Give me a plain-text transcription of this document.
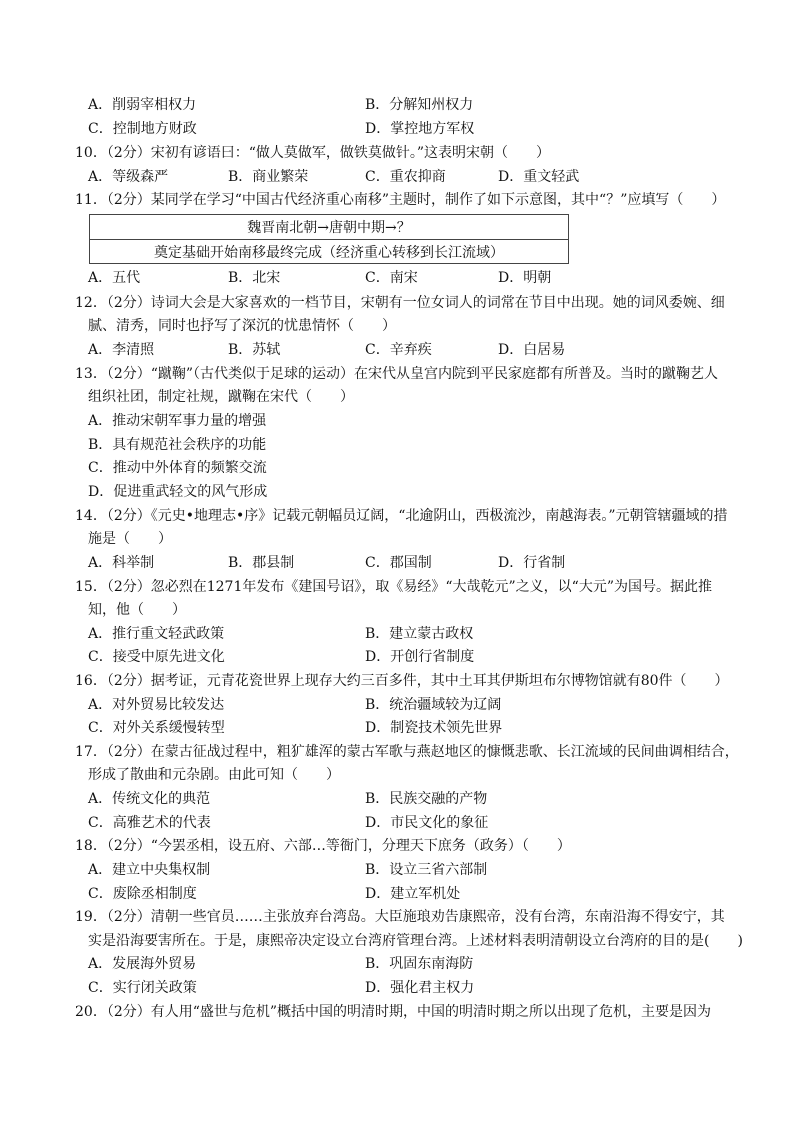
A．削弱宰相权力	B．分解知州权力
C．控制地方财政	D．掌控地方军权
10．（2分）宋初有谚语曰：“做人莫做军，做铁莫做针。”这表明宋朝（　　）
A．等级森严	B．商业繁荣	C．重农抑商	D．重文轻武
11．（2分）某同学在学习“中国古代经济重心南移”主题时，制作了如下示意图，其中“？”应填写（　　）
魏晋南北朝→唐朝中期→？
奠定基础开始南移最终完成（经济重心转移到长江流域）
A．五代	B．北宋	C．南宋	D．明朝
12．（2分）诗词大会是大家喜欢的一档节目，宋朝有一位女词人的词常在节目中出现。她的词风委婉、细
腻、清秀，同时也抒写了深沉的忧患情怀（　　）
A．李清照	B．苏轼	C．辛弃疾	D．白居易
13．（2分）“蹴鞠”（古代类似于足球的运动）在宋代从皇宫内院到平民家庭都有所普及。当时的蹴鞠艺人
组织社团，制定社规，蹴鞠在宋代（　　）
A．推动宋朝军事力量的增强
B．具有规范社会秩序的功能
C．推动中外体育的频繁交流
D．促进重武轻文的风气形成
14．（2分）《元史•地理志•序》记载元朝幅员辽阔，“北逾阴山，西极流沙，南越海表。”元朝管辖疆域的措
施是（　　）
A．科举制	B．郡县制	C．郡国制	D．行省制
15．（2分）忽必烈在1271年发布《建国号诏》，取《易经》“大哉乾元”之义，以“大元”为国号。据此推
知，他（　　）
A．推行重文轻武政策	B．建立蒙古政权
C．接受中原先进文化	D．开创行省制度
16．（2分）据考证，元青花瓷世界上现存大约三百多件，其中土耳其伊斯坦布尔博物馆就有80件（　　）
A．对外贸易比较发达	B．统治疆域较为辽阔
C．对外关系缓慢转型	D．制瓷技术领先世界
17．（2分）在蒙古征战过程中，粗犷雄浑的蒙古军歌与燕赵地区的慷慨悲歌、长江流域的民间曲调相结合，
形成了散曲和元杂剧。由此可知（　　）
A．传统文化的典范	B．民族交融的产物
C．高雅艺术的代表	D．市民文化的象征
18．（2分）“今罢丞相，设五府、六部…等衙门，分理天下庶务（政务）（　　）
A．建立中央集权制	B．设立三省六部制
C．废除丞相制度	D．建立军机处
19．（2分）清朝一些官员……主张放弃台湾岛。大臣施琅劝告康熙帝，没有台湾，东南沿海不得安宁，其
实是沿海要害所在。于是，康熙帝决定设立台湾府管理台湾。上述材料表明清朝设立台湾府的目的是(　　)
A．发展海外贸易	B．巩固东南海防
C．实行闭关政策	D．强化君主权力
20．（2分）有人用“盛世与危机”概括中国的明清时期，中国的明清时期之所以出现了危机，主要是因为
